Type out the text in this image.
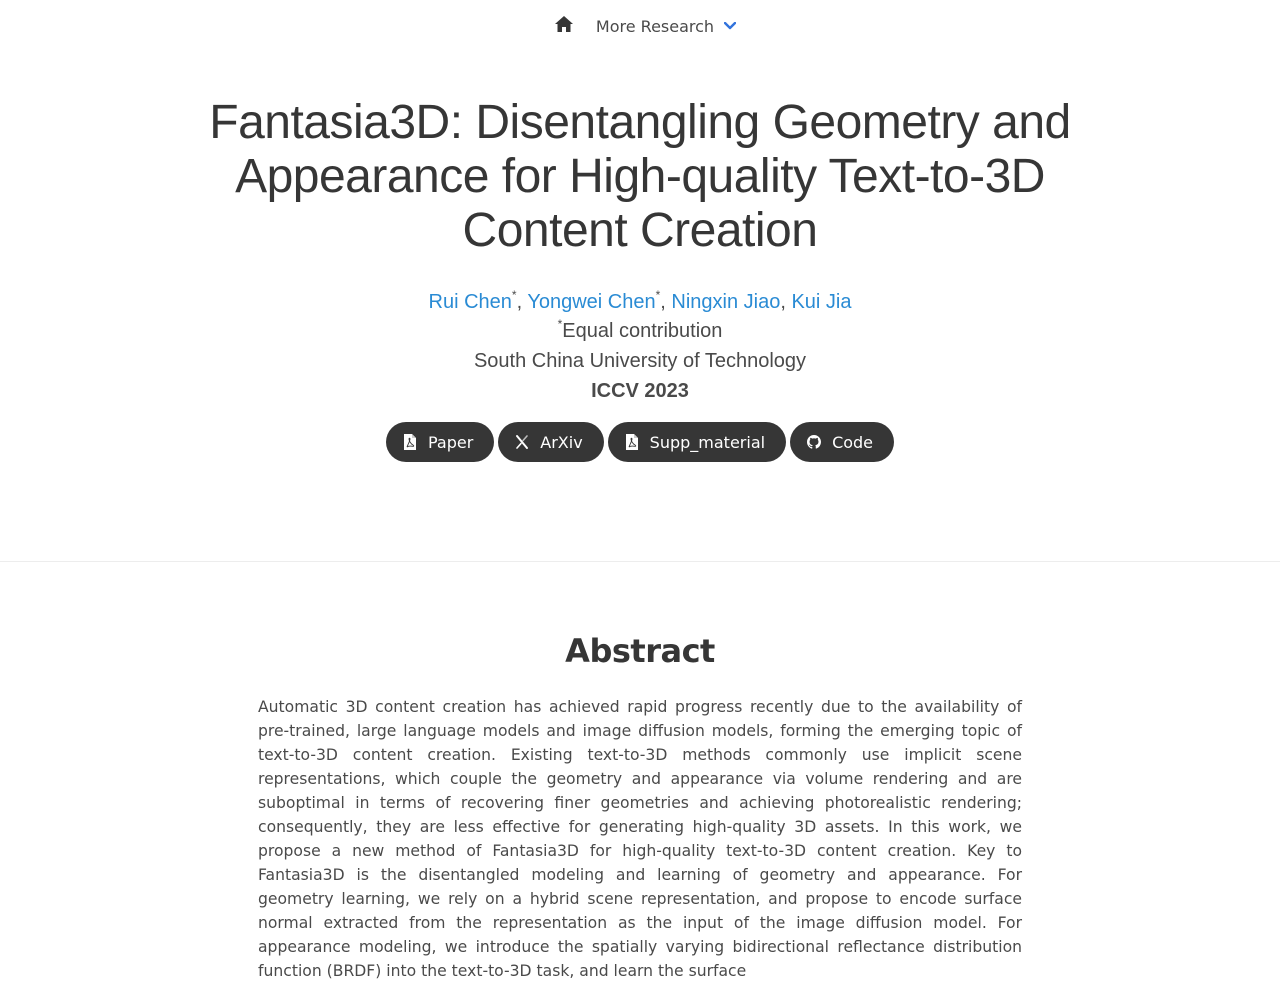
More Research
Fantasia3D: Disentangling Geometry and Appearance for High-quality Text-to-3D Content Creation
Rui Chen*, Yongwei Chen*, Ningxin Jiao, Kui Jia
*Equal contribution
South China University of Technology
ICCV 2023
Paper	ArXiv	Supp_material	Code
Abstract

Automatic 3D content creation has achieved rapid progress recently due to the availability of pre-trained, large language models and image diffusion models, forming the emerging topic of text-to-3D content creation. Existing text-to-3D methods commonly use implicit scene representations, which couple the geometry and appearance via volume rendering and are suboptimal in terms of recovering finer geometries and achieving photorealistic rendering; consequently, they are less effective for generating high-quality 3D assets. In this work, we propose a new method of Fantasia3D for high-quality text-to-3D content creation. Key to Fantasia3D is the disentangled modeling and learning of geometry and appearance. For geometry learning, we rely on a hybrid scene representation, and propose to encode surface normal extracted from the representation as the input of the image diffusion model. For appearance modeling, we introduce the spatially varying bidirectional reflectance distribution function (BRDF) into the text-to-3D task, and learn the surface
